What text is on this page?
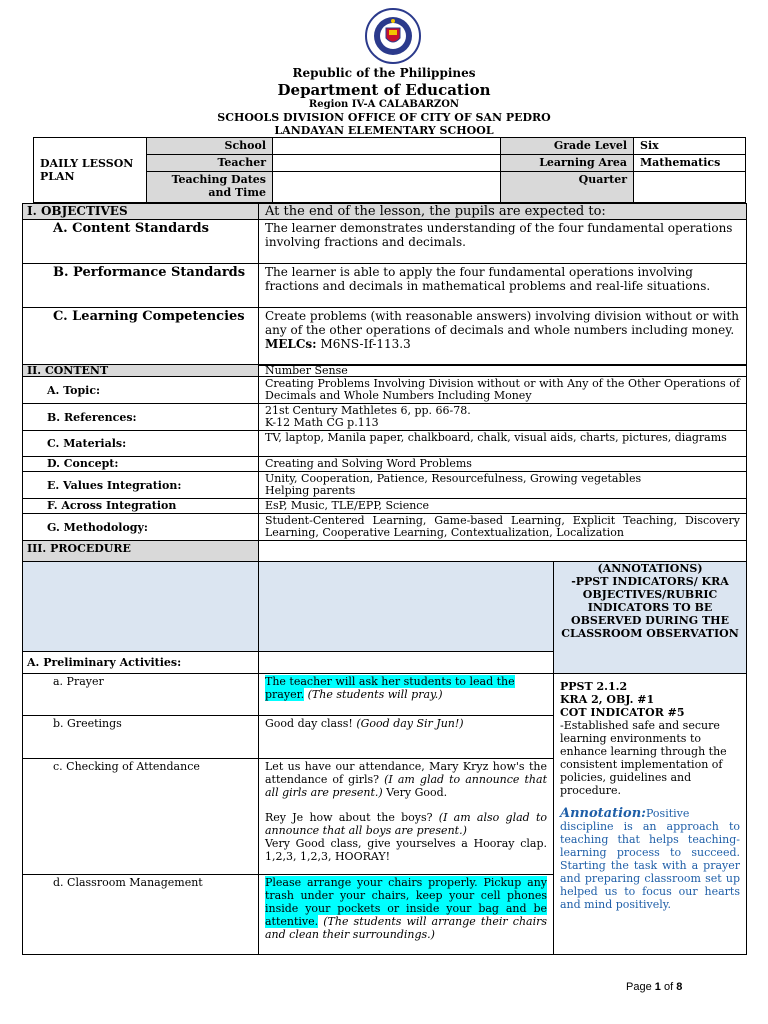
Republic of the Philippines
Department of Education
Region IV-A CALABARZON
SCHOOLS DIVISION OFFICE OF CITY OF SAN PEDRO
LANDAYAN ELEMENTARY SCHOOL
DAILY LESSON PLAN	School		Grade Level	Six
	Teacher		Learning Area	Mathematics
	Teaching Dates and Time		Quarter	
I. OBJECTIVES	At the end of the lesson, the pupils are expected to:
A. Content Standards	The learner demonstrates understanding of the four fundamental operations involving fractions and decimals.
B. Performance Standards	The learner is able to apply the four fundamental operations involving fractions and decimals in mathematical problems and real-life situations.
C. Learning Competencies	Create problems (with reasonable answers) involving division without or with any of the other operations of decimals and whole numbers including money. MELCs: M6NS-If-113.3
II. CONTENT	Number Sense
A. Topic:	Creating Problems Involving Division without or with Any of the Other Operations of Decimals and Whole Numbers Including Money
B. References:	21st Century Mathletes 6, pp. 66-78.
K-12 Math CG p.113

C. Materials:	TV, laptop, Manila paper, chalkboard, chalk, visual aids, charts, pictures, diagrams
D. Concept:	Creating and Solving Word Problems
E. Values Integration:	Unity, Cooperation, Patience, Resourcefulness, Growing vegetables
Helping parents

F. Across Integration	EsP, Music, TLE/EPP, Science
G. Methodology:	Student-Centered Learning, Game-based Learning, Explicit Teaching, Discovery Learning, Cooperative Learning, Contextualization, Localization
III. PROCEDURE	

		(ANNOTATIONS)
-PPST INDICATORS/ KRA OBJECTIVES/RUBRIC INDICATORS TO BE OBSERVED DURING THE CLASSROOM OBSERVATION

A. Preliminary Activities:		
a. Prayer	The teacher will ask her students to lead the prayer. (The students will pray.)	PPST 2.1.2
KRA 2, OBJ. #1
COT INDICATOR #5
-Established safe and secure learning environments to enhance learning through the consistent implementation of policies, guidelines and procedure.
Annotation:Positive discipline is an approach to teaching that helps teaching-learning process to succeed. Starting the task with a prayer and preparing classroom set up helped us to focus our hearts and mind positively.

b. Greetings	Good day class! (Good day Sir Jun!)	
c. Checking of Attendance	Let us have our attendance, Mary Kryz how's the attendance of girls? (I am glad to announce that all girls are present.) Very Good.
Rey Je how about the boys? (I am also glad to announce that all boys are present.)
Very Good class, give yourselves a Hooray clap. 1,2,3, 1,2,3, HOORAY!	

d. Classroom Management	Please arrange your chairs properly. Pickup any trash under your chairs, keep your cell phones inside your pockets or inside your bag and be attentive. (The students will arrange their chairs and clean their surroundings.)	
Page 1 of 8
